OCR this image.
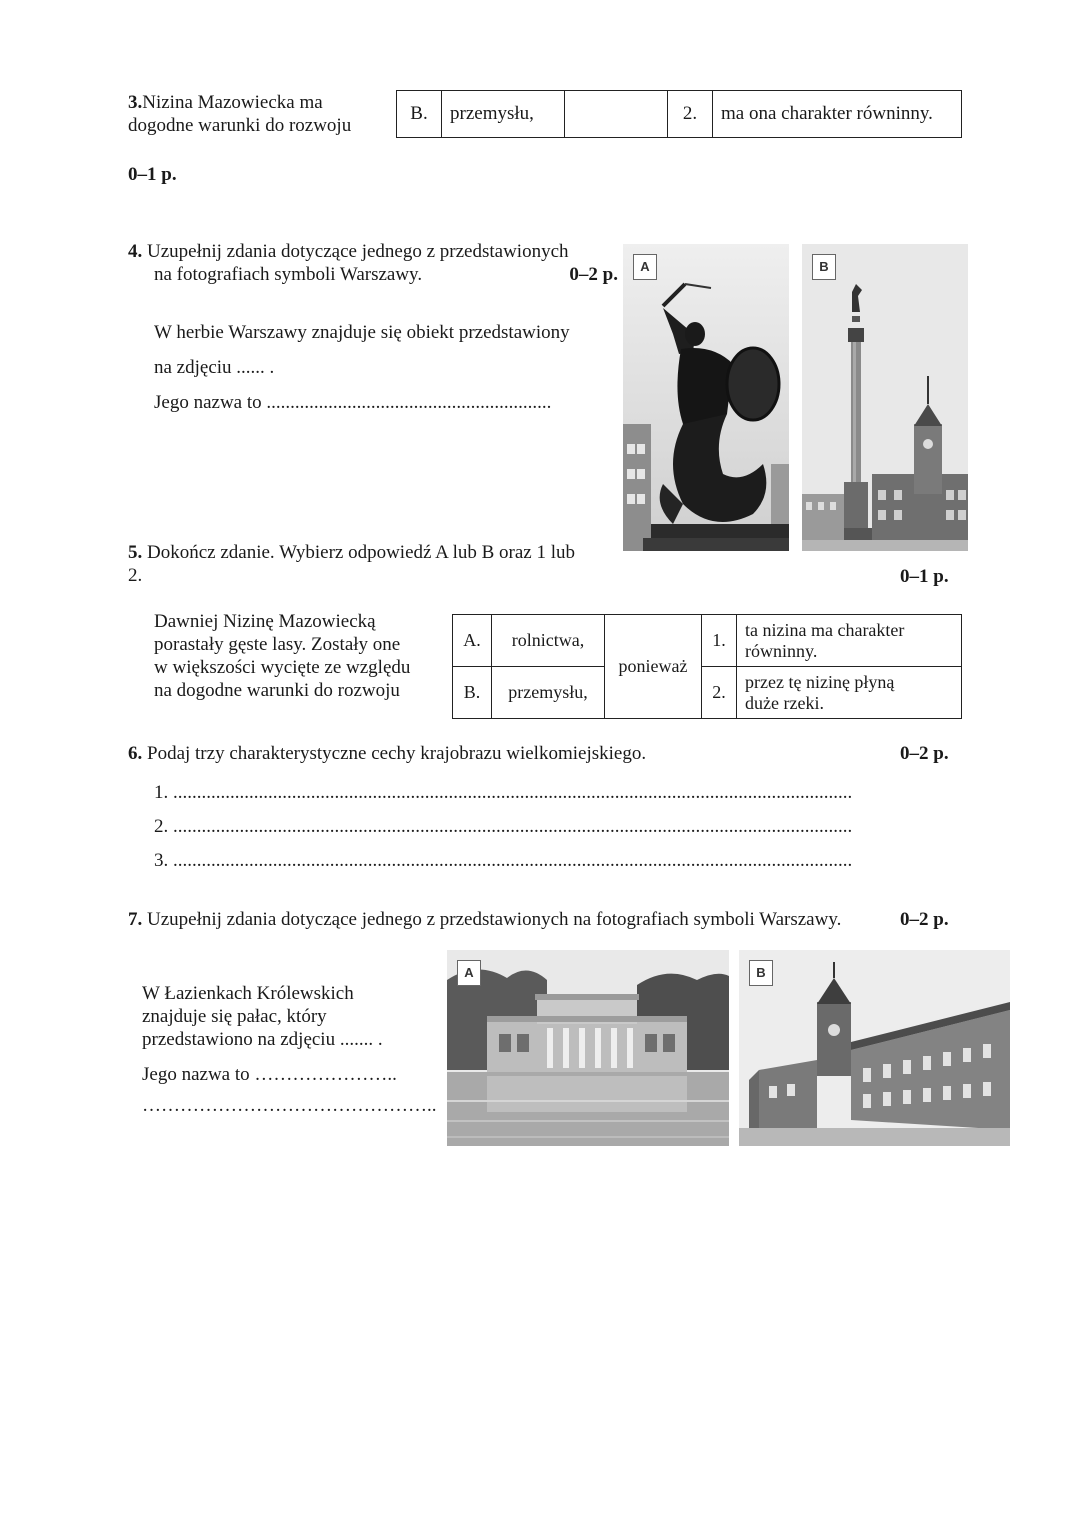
3.Nizina Mazowiecka ma
dogodne warunki do rozwoju
B.	przemysłu,		2.	ma ona charakter równinny.
0–1 p.
4. Uzupełnij zdania dotyczące jednego z przedstawionych
na fotografiach symboli Warszawy.	0–2 p.
W herbie Warszawy znajduje się obiekt przedstawiony
na zdjęciu ...... .
Jego nazwa to ............................................................
A	B
5. Dokończ zdanie. Wybierz odpowiedź A lub B oraz 1 lub
2.	0–1 p.
Dawniej Nizinę Mazowiecką
porastały gęste lasy. Zostały one
w większości wycięte ze względu
na dogodne warunki do rozwoju
A.	rolnictwa,	ponieważ	1.	ta nizina ma charakter
równinny.

B.	przemysłu,		2.	przez tę nizinę płyną
duże rzeki.
6. Podaj trzy charakterystyczne cechy krajobrazu wielkomiejskiego.	0–2 p.
1. ...............................................................................................................................................
2. ...............................................................................................................................................
3. ...............................................................................................................................................
7. Uzupełnij zdania dotyczące jednego z przedstawionych na fotografiach symboli Warszawy.	0–2 p.
W Łazienkach Królewskich
znajduje się pałac, który
przedstawiono na zdjęciu ....... .
Jego nazwa to …………………..
………………………………………..
A	B
